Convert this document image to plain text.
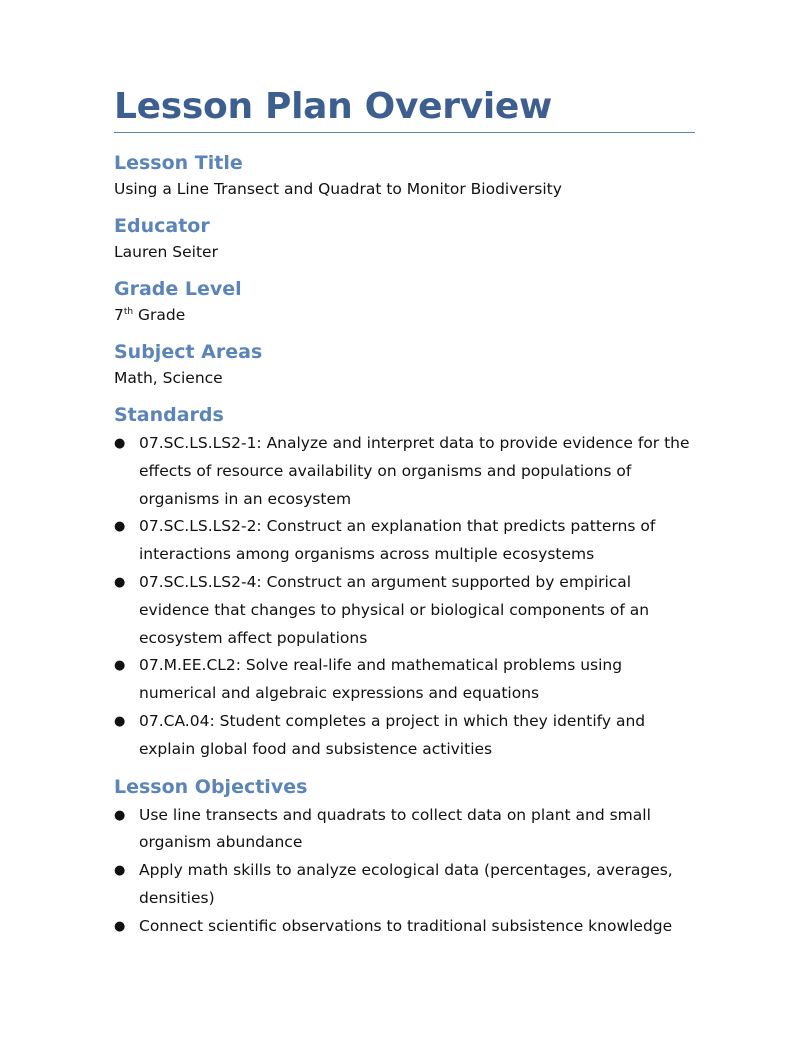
Lesson Plan Overview

Lesson Title

Using a Line Transect and Quadrat to Monitor Biodiversity

Educator

Lauren Seiter

Grade Level

7th Grade

Subject Areas

Math, Science

Standards

● 07.SC.LS.LS2-1: Analyze and interpret data to provide evidence for the effects of resource availability on organisms and populations of organisms in an ecosystem
● 07.SC.LS.LS2-2: Construct an explanation that predicts patterns of interactions among organisms across multiple ecosystems
● 07.SC.LS.LS2-4: Construct an argument supported by empirical evidence that changes to physical or biological components of an ecosystem affect populations
● 07.M.EE.CL2: Solve real-life and mathematical problems using numerical and algebraic expressions and equations
● 07.CA.04: Student completes a project in which they identify and explain global food and subsistence activities

Lesson Objectives

● Use line transects and quadrats to collect data on plant and small organism abundance
● Apply math skills to analyze ecological data (percentages, averages, densities)
● Connect scientific observations to traditional subsistence knowledge
